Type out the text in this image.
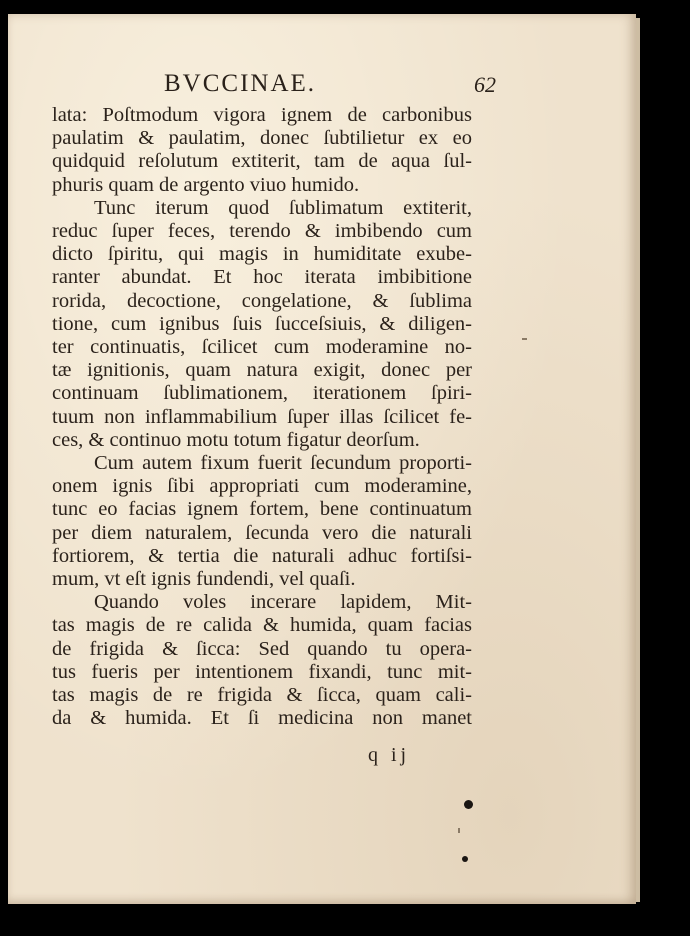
BVCCINAE.	62
lata: Poſtmodum vigora ignem de carbonibus
paulatim & paulatim, donec ſubtilietur ex eo
quidquid reſolutum extiterit, tam de aqua ſul-
phuris quam de argento viuo humido.
Tunc iterum quod ſublimatum extiterit,
reduc ſuper feces, terendo & imbibendo cum
dicto ſpiritu, qui magis in humiditate exube-
ranter abundat. Et hoc iterata imbibitione
rorida, decoctione, congelatione, & ſublima
tione, cum ignibus ſuis ſucceſsiuis, & diligen-
ter continuatis, ſcilicet cum moderamine no-
tæ ignitionis, quam natura exigit, donec per
continuam ſublimationem, iterationem ſpiri-
tuum non inflammabilium ſuper illas ſcilicet fe-
ces, & continuo motu totum figatur deorſum.
Cum autem fixum fuerit ſecundum proporti-
onem ignis ſibi appropriati cum moderamine,
tunc eo facias ignem fortem, bene continuatum
per diem naturalem, ſecunda vero die naturali
fortiorem, & tertia die naturali adhuc fortiſsi-
mum, vt eſt ignis fundendi, vel quaſi.
Quando voles incerare lapidem, Mit-
tas magis de re calida & humida, quam facias
de frigida & ſicca: Sed quando tu opera-
tus fueris per intentionem fixandi, tunc mit-
tas magis de re frigida & ſicca, quam cali-
da & humida. Et ſi medicina non manet
q ij
